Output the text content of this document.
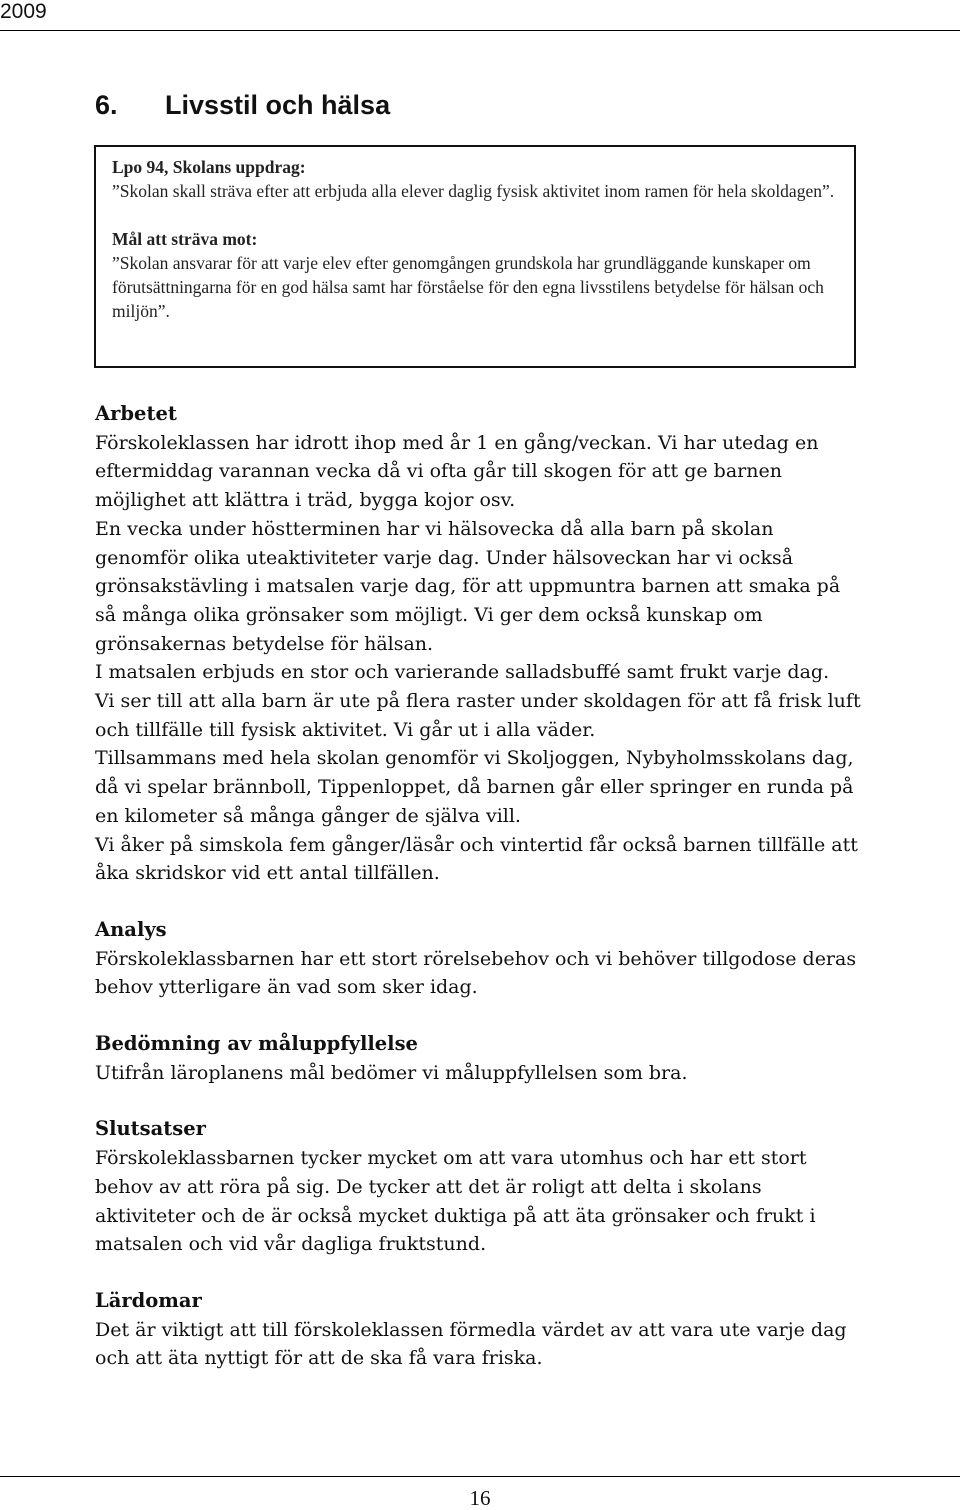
2009
6. Livsstil och hälsa
Lpo 94, Skolans uppdrag:
”Skolan skall sträva efter att erbjuda alla elever daglig fysisk aktivitet inom ramen för hela skoldagen”.
Mål att sträva mot:
”Skolan ansvarar för att varje elev efter genomgången grundskola har grundläggande kunskaper om förutsättningarna för en god hälsa samt har förståelse för den egna livsstilens betydelse för hälsan och miljön”.
Arbetet

Förskoleklassen har idrott ihop med år 1 en gång/veckan. Vi har utedag en eftermiddag varannan vecka då vi ofta går till skogen för att ge barnen möjlighet att klättra i träd, bygga kojor osv.

En vecka under höstterminen har vi hälsovecka då alla barn på skolan genomför olika uteaktiviteter varje dag. Under hälsoveckan har vi också grönsakstävling i matsalen varje dag, för att uppmuntra barnen att smaka på så många olika grönsaker som möjligt. Vi ger dem också kunskap om grönsakernas betydelse för hälsan.

I matsalen erbjuds en stor och varierande salladsbuffé samt frukt varje dag.

Vi ser till att alla barn är ute på flera raster under skoldagen för att få frisk luft och tillfälle till fysisk aktivitet. Vi går ut i alla väder.

Tillsammans med hela skolan genomför vi Skoljoggen, Nybyholmsskolans dag, då vi spelar brännboll, Tippenloppet, då barnen går eller springer en runda på en kilometer så många gånger de själva vill.

Vi åker på simskola fem gånger/läsår och vintertid får också barnen tillfälle att åka skridskor vid ett antal tillfällen.

Analys

Förskoleklassbarnen har ett stort rörelsebehov och vi behöver tillgodose deras behov ytterligare än vad som sker idag.

Bedömning av måluppfyllelse

Utifrån läroplanens mål bedömer vi måluppfyllelsen som bra.

Slutsatser

Förskoleklassbarnen tycker mycket om att vara utomhus och har ett stort behov av att röra på sig. De tycker att det är roligt att delta i skolans aktiviteter och de är också mycket duktiga på att äta grönsaker och frukt i matsalen och vid vår dagliga fruktstund.

Lärdomar

Det är viktigt att till förskoleklassen förmedla värdet av att vara ute varje dag och att äta nyttigt för att de ska få vara friska.

16
